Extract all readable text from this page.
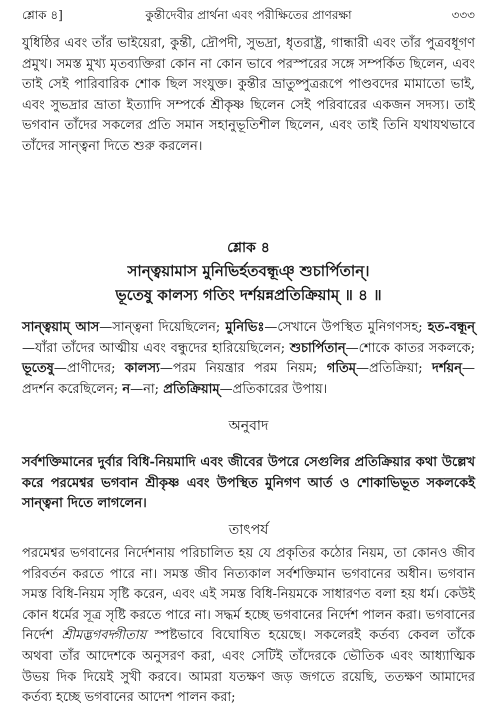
শ্লোক ৪]	কুন্তীদেবীর প্রার্থনা এবং পরীক্ষিতের প্রাণরক্ষা	৩৩৩

যুধিষ্ঠির এবং তাঁর ভাইয়েরা, কুন্তী, দ্রৌপদী, সুভদ্রা, ধৃতরাষ্ট্র, গান্ধারী এবং তাঁর পুত্রবধূগণ প্রমুখ। সমস্ত মুখ্য মৃতব্যক্তিরা কোন না কোন ভাবে পরস্পরের সঙ্গে সম্পর্কিত ছিলেন, এবং তাই সেই পারিবারিক শোক ছিল সংযুক্ত। কুন্তীর ভ্রাতুষ্পুত্ররূপে পাণ্ডবদের মামাতো ভাই, এবং সুভদ্রার ভ্রাতা ইত্যাদি সম্পর্কে শ্রীকৃষ্ণ ছিলেন সেই পরিবারের একজন সদস্য। তাই ভগবান তাঁদের সকলের প্রতি সমান সহানুভূতিশীল ছিলেন, এবং তাই তিনি যথাযথভাবে তাঁদের সান্ত্বনা দিতে শুরু করলেন।

শ্লোক ৪
সান্ত্বয়ামাস মুনিভির্হতবন্ধূঞ্ শুচার্পিতান্।
ভূতেষু কালস্য গতিং দর্শয়ন্নপ্রতিক্রিয়াম্ ॥ ৪ ॥

সান্ত্বয়াম্ আস—সান্ত্বনা দিয়েছিলেন; মুনিভিঃ—সেখানে উপস্থিত মুনিগণসহ; হত-বন্ধূন্—যাঁরা তাঁদের আত্মীয় এবং বন্ধুদের হারিয়েছিলেন; শুচার্পিতান্—শোকে কাতর সকলকে; ভূতেষু—প্রাণীদের; কালস্য—পরম নিয়ন্ত্রার পরম নিয়ম; গতিম্—প্রতিক্রিয়া; দর্শয়ন্—প্রদর্শন করেছিলেন; ন—না; প্রতিক্রিয়াম্—প্রতিকারের উপায়।

অনুবাদ

সর্বশক্তিমানের দুর্বার বিধি-নিয়মাদি এবং জীবের উপরে সেগুলির প্রতিক্রিয়ার কথা উল্লেখ করে পরমেশ্বর ভগবান শ্রীকৃষ্ণ এবং উপস্থিত মুনিগণ আর্ত ও শোকাভিভূত সকলকেই সান্ত্বনা দিতে লাগলেন।

তাৎপর্য

পরমেশ্বর ভগবানের নির্দেশনায় পরিচালিত হয় যে প্রকৃতির কঠোর নিয়ম, তা কোনও জীব পরিবর্তন করতে পারে না। সমস্ত জীব নিত্যকাল সর্বশক্তিমান ভগবানের অধীন। ভগবান সমস্ত বিধি-নিয়ম সৃষ্টি করেন, এবং এই সমস্ত বিধি-নিয়মকে সাধারণত বলা হয় ধর্ম। কেউই কোন ধর্মের সূত্র সৃষ্টি করতে পারে না। সদ্ধর্ম হচ্ছে ভগবানের নির্দেশ পালন করা। ভগবানের নির্দেশ শ্রীমদ্ভগবদ্গীতায় স্পষ্টভাবে বিঘোষিত হয়েছে। সকলেরই কর্তব্য কেবল তাঁকে অথবা তাঁর আদেশকে অনুসরণ করা, এবং সেটিই তাঁদেরকে ভৌতিক এবং আধ্যাত্মিক উভয় দিক দিয়েই সুখী করবে। আমরা যতক্ষণ জড় জগতে রয়েছি, ততক্ষণ আমাদের কর্তব্য হচ্ছে ভগবানের আদেশ পালন করা;
